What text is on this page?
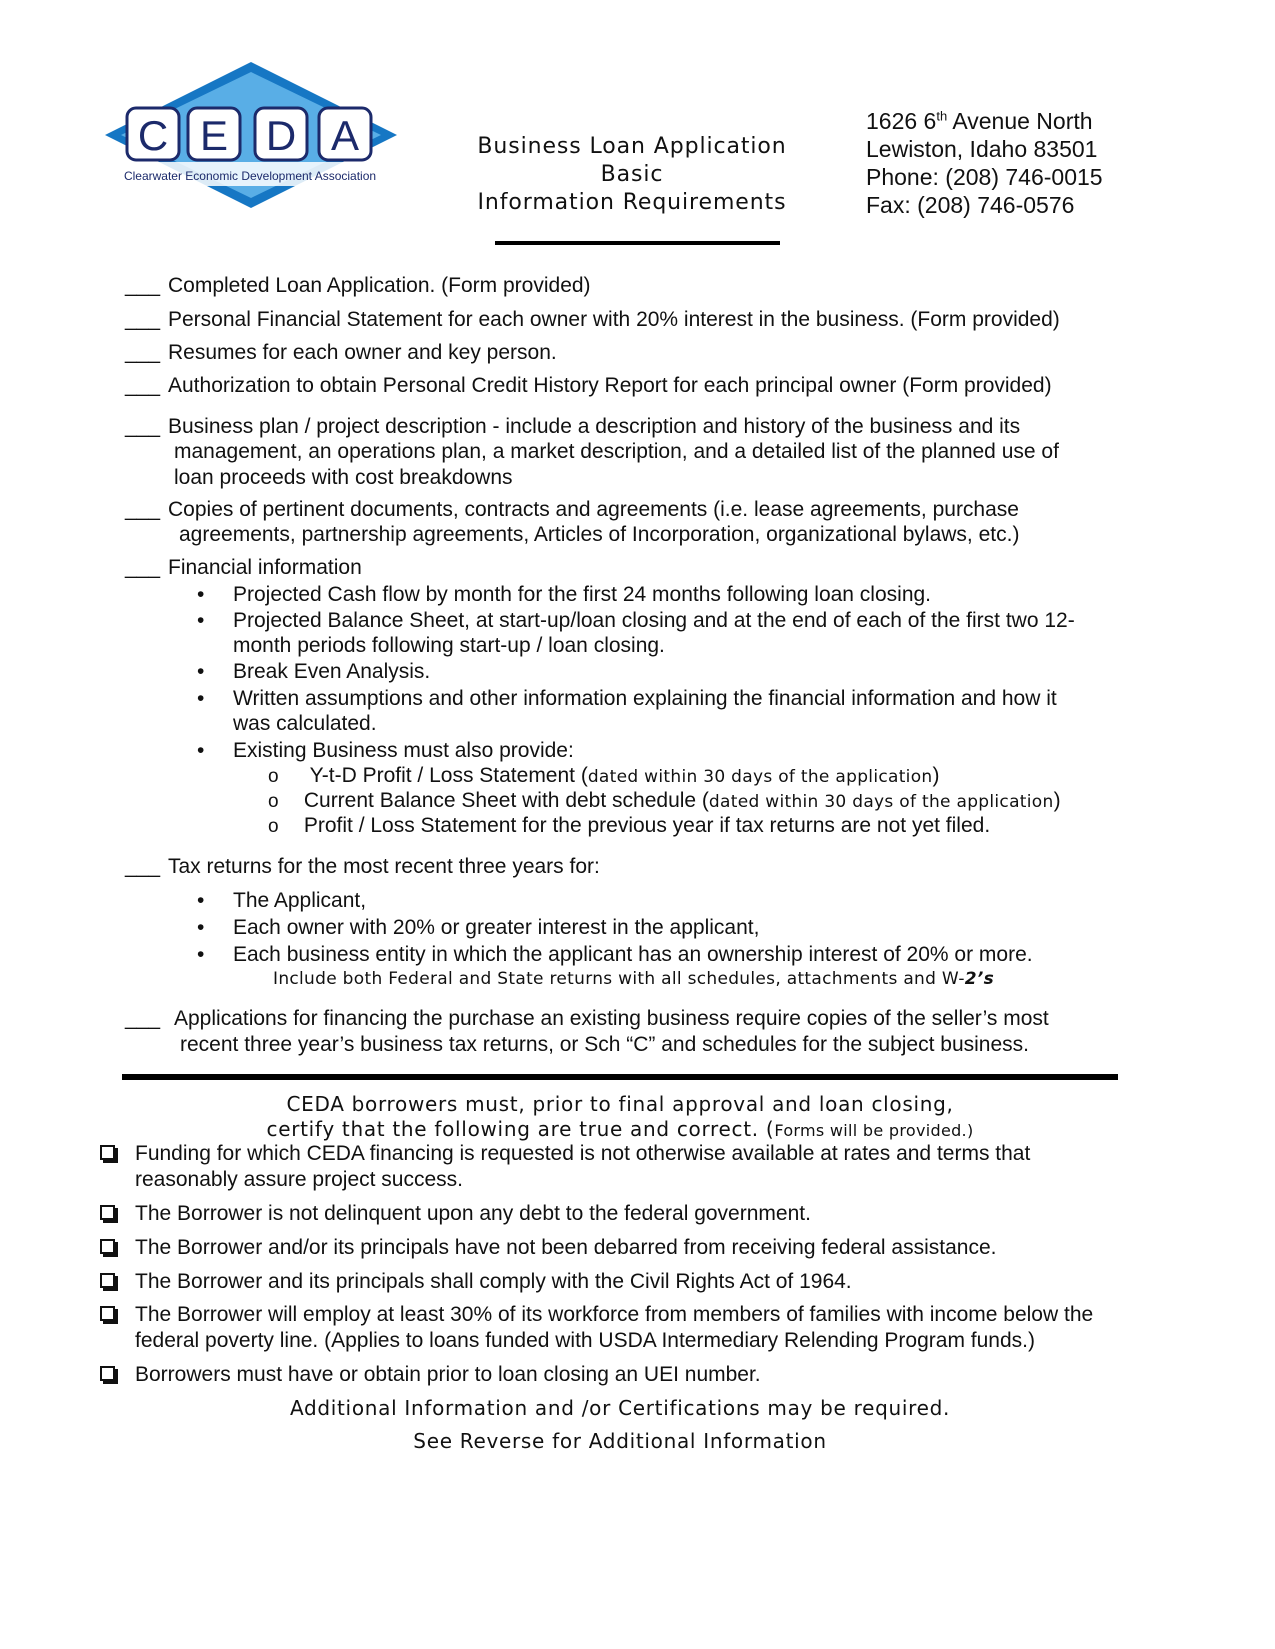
C E D A
Clearwater Economic Development Association
Business Loan Application
Basic
Information Requirements
1626 6th Avenue North
Lewiston, Idaho 83501
Phone: (208) 746-0015
Fax: (208) 746-0576
___ Completed Loan Application. (Form provided)
___ Personal Financial Statement for each owner with 20% interest in the business. (Form provided)
___ Resumes for each owner and key person.
___ Authorization to obtain Personal Credit History Report for each principal owner (Form provided)
___ Business plan / project description - include a description and history of the business and its
management, an operations plan, a market description, and a detailed list of the planned use of
loan proceeds with cost breakdowns
___ Copies of pertinent documents, contracts and agreements (i.e. lease agreements, purchase
agreements, partnership agreements, Articles of Incorporation, organizational bylaws, etc.)
___ Financial information
•	Projected Cash flow by month for the first 24 months following loan closing.
•	Projected Balance Sheet, at start-up/loan closing and at the end of each of the first two 12-
month periods following start-up / loan closing.
•	Break Even Analysis.
•	Written assumptions and other information explaining the financial information and how it
was calculated.
•	Existing Business must also provide:
o Y-t-D Profit / Loss Statement (dated within 30 days of the application)
o Current Balance Sheet with debt schedule (dated within 30 days of the application)
o Profit / Loss Statement for the previous year if tax returns are not yet filed.
___ Tax returns for the most recent three years for:
•	The Applicant,
•	Each owner with 20% or greater interest in the applicant,
•	Each business entity in which the applicant has an ownership interest of 20% or more.
Include both Federal and State returns with all schedules, attachments and W-2’s
___ Applications for financing the purchase an existing business require copies of the seller’s most
recent three year’s business tax returns, or Sch “C” and schedules for the subject business.
CEDA borrowers must, prior to final approval and loan closing,
certify that the following are true and correct. (Forms will be provided.)
Funding for which CEDA financing is requested is not otherwise available at rates and terms that
reasonably assure project success.
The Borrower is not delinquent upon any debt to the federal government.
The Borrower and/or its principals have not been debarred from receiving federal assistance.
The Borrower and its principals shall comply with the Civil Rights Act of 1964.
The Borrower will employ at least 30% of its workforce from members of families with income below the
federal poverty line. (Applies to loans funded with USDA Intermediary Relending Program funds.)
Borrowers must have or obtain prior to loan closing an UEI number.
Additional Information and /or Certifications may be required.
See Reverse for Additional Information
